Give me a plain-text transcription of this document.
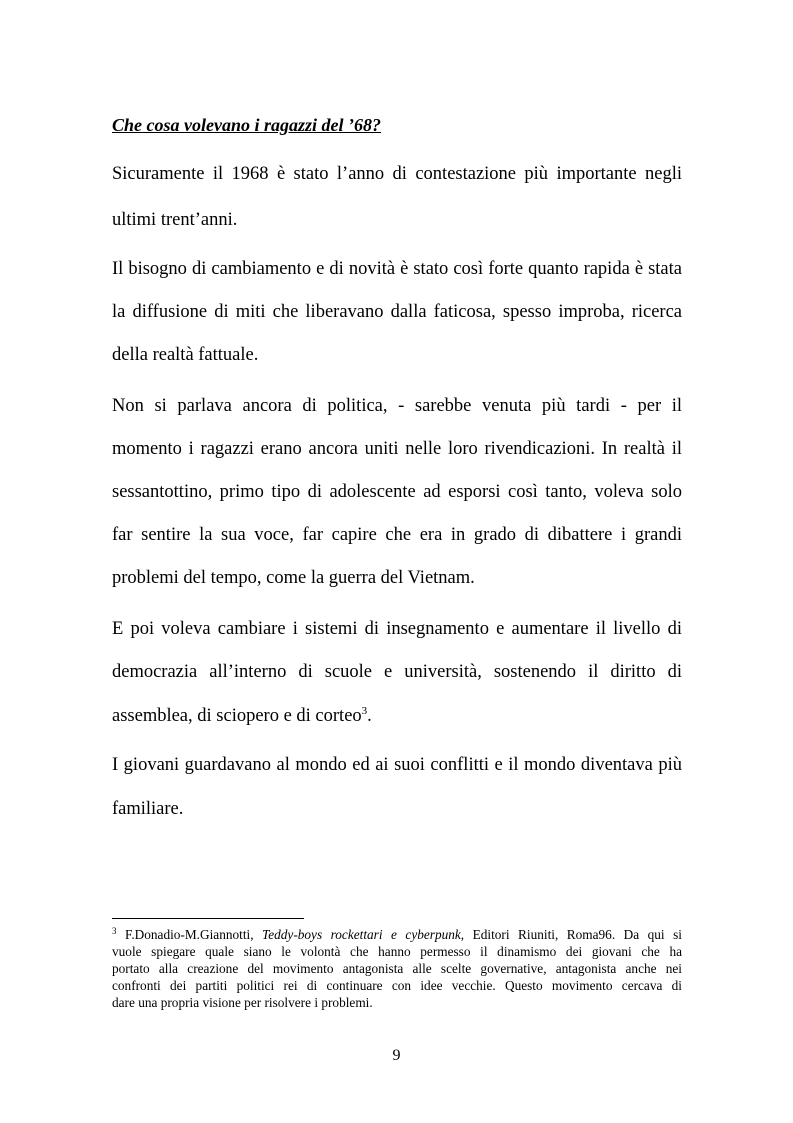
Che cosa volevano i ragazzi del ’68?

Sicuramente il 1968 è stato l’anno di contestazione più importante negli

ultimi trent’anni.

Il bisogno di cambiamento e di novità è stato così forte quanto rapida è stata

la diffusione di miti che liberavano dalla faticosa, spesso improba, ricerca

della realtà fattuale.

Non si parlava ancora di politica, - sarebbe venuta più tardi - per il

momento i ragazzi erano ancora uniti nelle loro rivendicazioni. In realtà il

sessantottino, primo tipo di adolescente ad esporsi così tanto, voleva solo

far sentire la sua voce, far capire che era in grado di dibattere i grandi

problemi del tempo, come la guerra del Vietnam.

E poi voleva cambiare i sistemi di insegnamento e aumentare il livello di

democrazia all’interno di scuole e università, sostenendo il diritto di

assemblea, di sciopero e di corteo$^3$.

I giovani guardavano al mondo ed ai suoi conflitti e il mondo diventava più

familiare.

$^3$ F.Donadio-M.Giannotti, Teddy-boys rockettari e cyberpunk, Editori Riuniti, Roma96. Da qui si

vuole spiegare quale siano le volontà che hanno permesso il dinamismo dei giovani che ha

portato alla creazione del movimento antagonista alle scelte governative, antagonista anche nei

confronti dei partiti politici rei di continuare con idee vecchie. Questo movimento cercava di

dare una propria visione per risolvere i problemi.

9
